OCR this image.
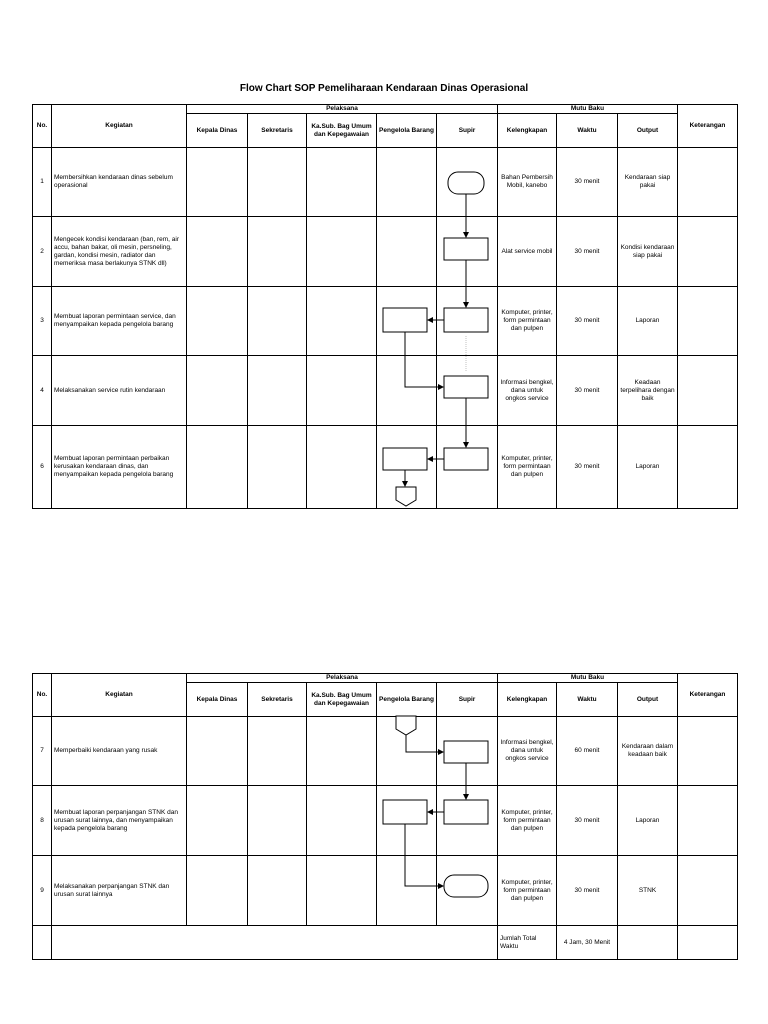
Flow Chart SOP Pemeliharaan Kendaraan Dinas Operasional
No.	Kegiatan	Pelaksana					Mutu Baku			Keterangan
		Kepala Dinas	Sekretaris	Ka.Sub. Bag Umum dan Kepegawaian	Pengelola Barang	Supir	Kelengkapan	Waktu	Output	
1	Membersihkan kendaraan dinas sebelum operasional						Bahan Pembersih Mobil, kanebo	30 menit	Kendaraan siap pakai	
2	Mengecek kondisi kendaraan (ban, rem, air accu, bahan bakar, oli mesin, persneling, gardan, kondisi mesin, radiator dan memeriksa masa berlakunya STNK dll)						Alat service mobil	30 menit	Kondisi kendaraan siap pakai	
3	Membuat laporan permintaan service, dan menyampaikan kepada pengelola barang						Komputer, printer, form permintaan dan pulpen	30 menit	Laporan	
4	Melaksanakan service rutin kendaraan						Informasi bengkel, dana untuk ongkos service	30 menit	Keadaan terpelihara dengan baik	
6	Membuat laporan permintaan perbaikan kerusakan kendaraan dinas, dan menyampaikan kepada pengelola barang						Komputer, printer, form permintaan dan pulpen	30 menit	Laporan	
No.	Kegiatan	Pelaksana					Mutu Baku			Keterangan
		Kepala Dinas	Sekretaris	Ka.Sub. Bag Umum dan Kepegawaian	Pengelola Barang	Supir	Kelengkapan	Waktu	Output	
7	Memperbaiki kendaraan yang rusak						Informasi bengkel, dana untuk ongkos service	60 menit	Kendaraan dalam keadaan baik	
8	Membuat laporan perpanjangan STNK dan urusan surat lainnya, dan menyampaikan kepada pengelola barang						Komputer, printer, form permintaan dan pulpen	30 menit	Laporan	
9	Melaksanakan perpanjangan STNK dan urusan surat lainnya						Komputer, printer, form permintaan dan pulpen	30 menit	STNK	
							Jumlah Total Waktu	4 Jam, 30 Menit		
